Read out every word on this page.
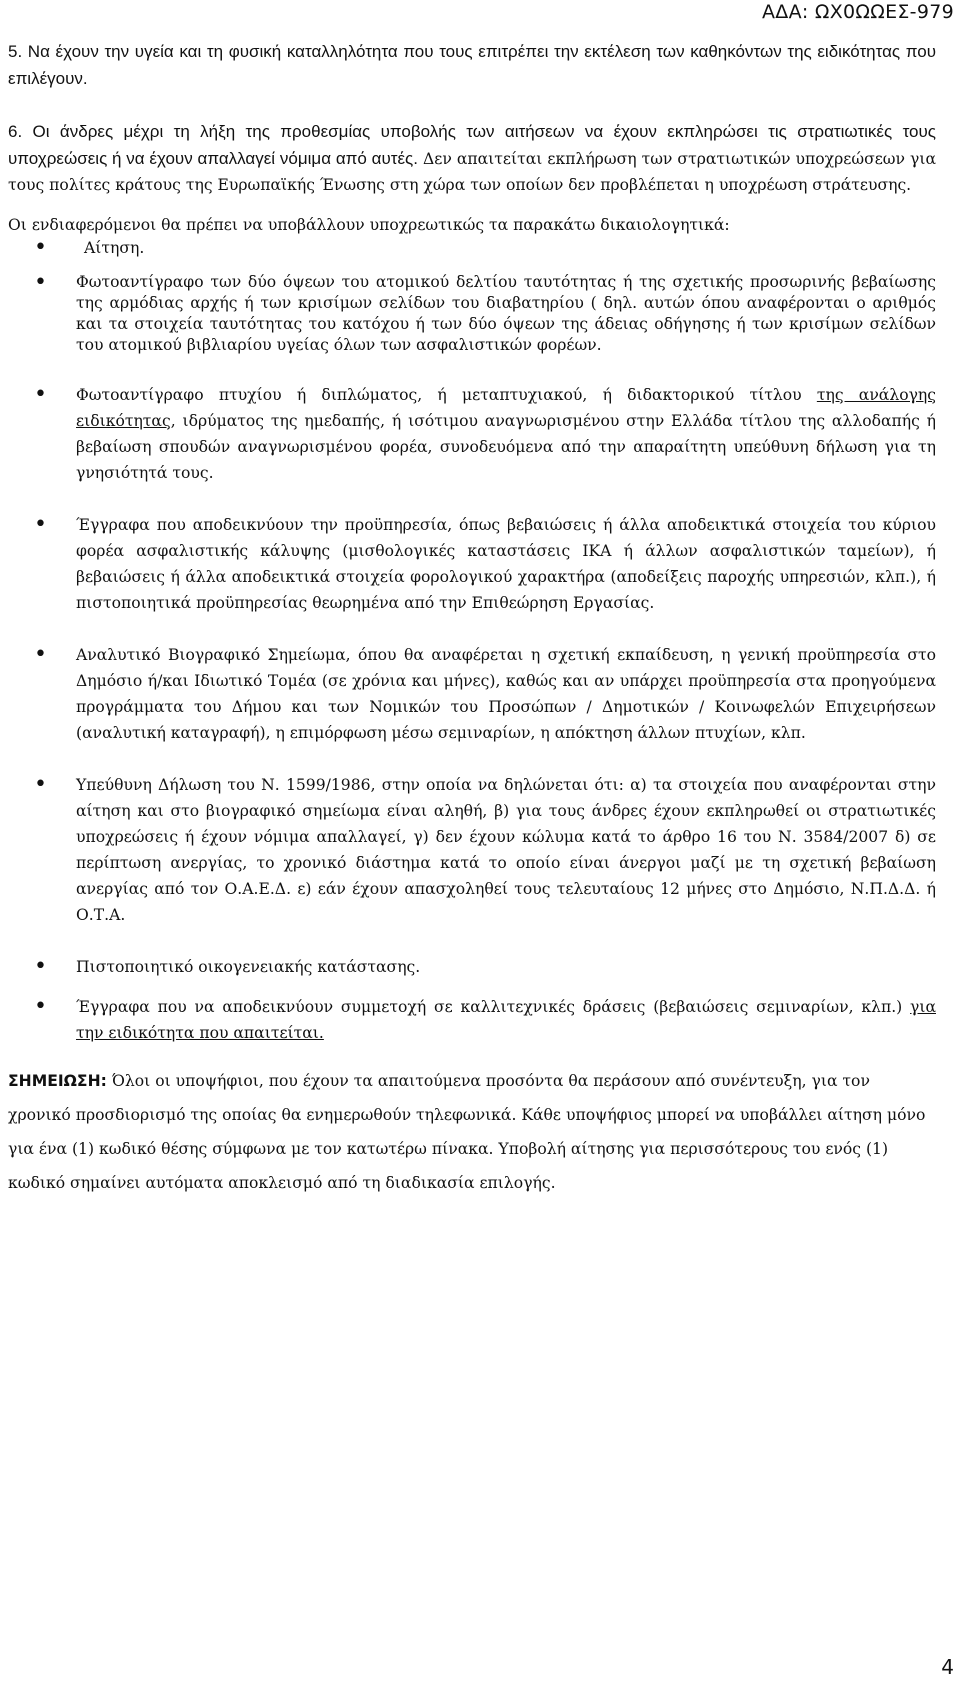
ΑΔΑ: ΩΧ0ΩΩΕΣ-979

5. Να έχουν την υγεία και τη φυσική καταλληλότητα που τους επιτρέπει την εκτέλεση των καθηκόντων της ειδικότητας που επιλέγουν.

6. Οι άνδρες μέχρι τη λήξη της προθεσμίας υποβολής των αιτήσεων να έχουν εκπληρώσει τις στρατιωτικές τους υποχρεώσεις ή να έχουν απαλλαγεί νόμιμα από αυτές. Δεν απαιτείται εκπλήρωση των στρατιωτικών υποχρεώσεων για τους πολίτες κράτους της Ευρωπαϊκής Ένωσης στη χώρα των οποίων δεν προβλέπεται η υποχρέωση στράτευσης.

Οι ενδιαφερόμενοι θα πρέπει να υποβάλλουν υποχρεωτικώς τα παρακάτω δικαιολογητικά:

• Αίτηση.
• Φωτοαντίγραφο των δύο όψεων του ατομικού δελτίου ταυτότητας ή της σχετικής προσωρινής βεβαίωσης της αρμόδιας αρχής ή των κρισίμων σελίδων του διαβατηρίου ( δηλ. αυτών όπου αναφέρονται ο αριθμός και τα στοιχεία ταυτότητας του κατόχου ή των δύο όψεων της άδειας οδήγησης ή των κρισίμων σελίδων του ατομικού βιβλιαρίου υγείας όλων των ασφαλιστικών φορέων.
• Φωτοαντίγραφο πτυχίου ή διπλώματος, ή μεταπτυχιακού, ή διδακτορικού τίτλου της ανάλογης ειδικότητας, ιδρύματος της ημεδαπής, ή ισότιμου αναγνωρισμένου στην Ελλάδα τίτλου της αλλοδαπής ή βεβαίωση σπουδών αναγνωρισμένου φορέα, συνοδευόμενα από την απαραίτητη υπεύθυνη δήλωση για τη γνησιότητά τους.
• Έγγραφα που αποδεικνύουν την προϋπηρεσία, όπως βεβαιώσεις ή άλλα αποδεικτικά στοιχεία του κύριου φορέα ασφαλιστικής κάλυψης (μισθολογικές καταστάσεις ΙΚΑ ή άλλων ασφαλιστικών ταμείων), ή βεβαιώσεις ή άλλα αποδεικτικά στοιχεία φορολογικού χαρακτήρα (αποδείξεις παροχής υπηρεσιών, κλπ.), ή πιστοποιητικά προϋπηρεσίας θεωρημένα από την Επιθεώρηση Εργασίας.
• Αναλυτικό Βιογραφικό Σημείωμα, όπου θα αναφέρεται η σχετική εκπαίδευση, η γενική προϋπηρεσία στο Δημόσιο ή/και Ιδιωτικό Τομέα (σε χρόνια και μήνες), καθώς και αν υπάρχει προϋπηρεσία στα προηγούμενα προγράμματα του Δήμου και των Νομικών του Προσώπων / Δημοτικών / Κοινωφελών Επιχειρήσεων (αναλυτική καταγραφή), η επιμόρφωση μέσω σεμιναρίων, η απόκτηση άλλων πτυχίων, κλπ.
• Υπεύθυνη Δήλωση του Ν. 1599/1986, στην οποία να δηλώνεται ότι: α) τα στοιχεία που αναφέρονται στην αίτηση και στο βιογραφικό σημείωμα είναι αληθή, β) για τους άνδρες έχουν εκπληρωθεί οι στρατιωτικές υποχρεώσεις ή έχουν νόμιμα απαλλαγεί, γ) δεν έχουν κώλυμα κατά το άρθρο 16 του Ν. 3584/2007 δ) σε περίπτωση ανεργίας, το χρονικό διάστημα κατά το οποίο είναι άνεργοι μαζί με τη σχετική βεβαίωση ανεργίας από τον Ο.Α.Ε.Δ. ε) εάν έχουν απασχοληθεί τους τελευταίους 12 μήνες στο Δημόσιο, Ν.Π.Δ.Δ. ή Ο.Τ.Α.
• Πιστοποιητικό οικογενειακής κατάστασης.
• Έγγραφα που να αποδεικνύουν συμμετοχή σε καλλιτεχνικές δράσεις (βεβαιώσεις σεμιναρίων, κλπ.) για την ειδικότητα που απαιτείται.

ΣΗΜΕΙΩΣΗ: Όλοι οι υποψήφιοι, που έχουν τα απαιτούμενα προσόντα θα περάσουν από συνέντευξη, για τον χρονικό προσδιορισμό της οποίας θα ενημερωθούν τηλεφωνικά. Κάθε υποψήφιος μπορεί να υποβάλλει αίτηση μόνο για ένα (1) κωδικό θέσης σύμφωνα με τον κατωτέρω πίνακα. Υποβολή αίτησης για περισσότερους του ενός (1) κωδικό σημαίνει αυτόματα αποκλεισμό από τη διαδικασία επιλογής.

4
